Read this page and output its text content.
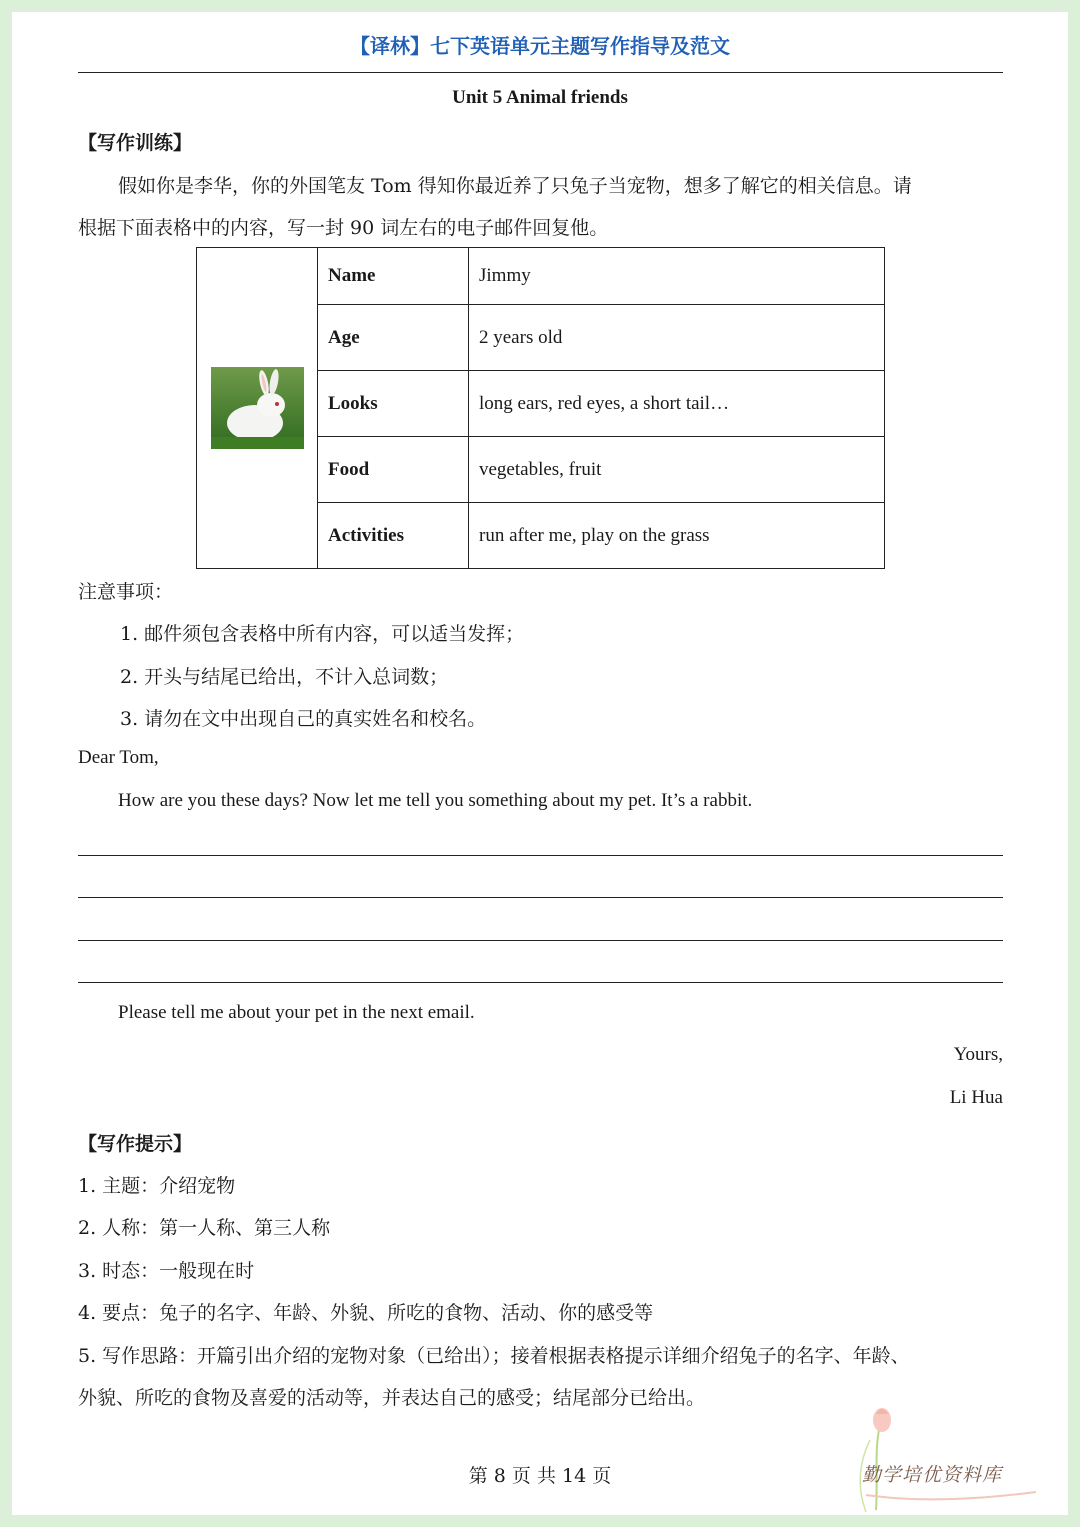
【译林】七下英语单元主题写作指导及范文
Unit 5 Animal friends
【写作训练】
假如你是李华，你的外国笔友 Tom 得知你最近养了只兔子当宠物，想多了解它的相关信息。请
根据下面表格中的内容，写一封 90 词左右的电子邮件回复他。
	Name	Jimmy
	Age	2 years old
	Looks	long ears, red eyes, a short tail…
	Food	vegetables, fruit
	Activities	run after me, play on the grass
注意事项：
1. 邮件须包含表格中所有内容，可以适当发挥；
2. 开头与结尾已给出，不计入总词数；
3. 请勿在文中出现自己的真实姓名和校名。
Dear Tom,
How are you these days? Now let me tell you something about my pet. It’s a rabbit.
Please tell me about your pet in the next email.
Yours,
Li Hua
【写作提示】
1. 主题：介绍宠物
2. 人称：第一人称、第三人称
3. 时态：一般现在时
4. 要点：兔子的名字、年龄、外貌、所吃的食物、活动、你的感受等
5. 写作思路：开篇引出介绍的宠物对象（已给出）；接着根据表格提示详细介绍兔子的名字、年龄、
外貌、所吃的食物及喜爱的活动等，并表达自己的感受；结尾部分已给出。
第 8 页 共 14 页	勤学培优资料库
